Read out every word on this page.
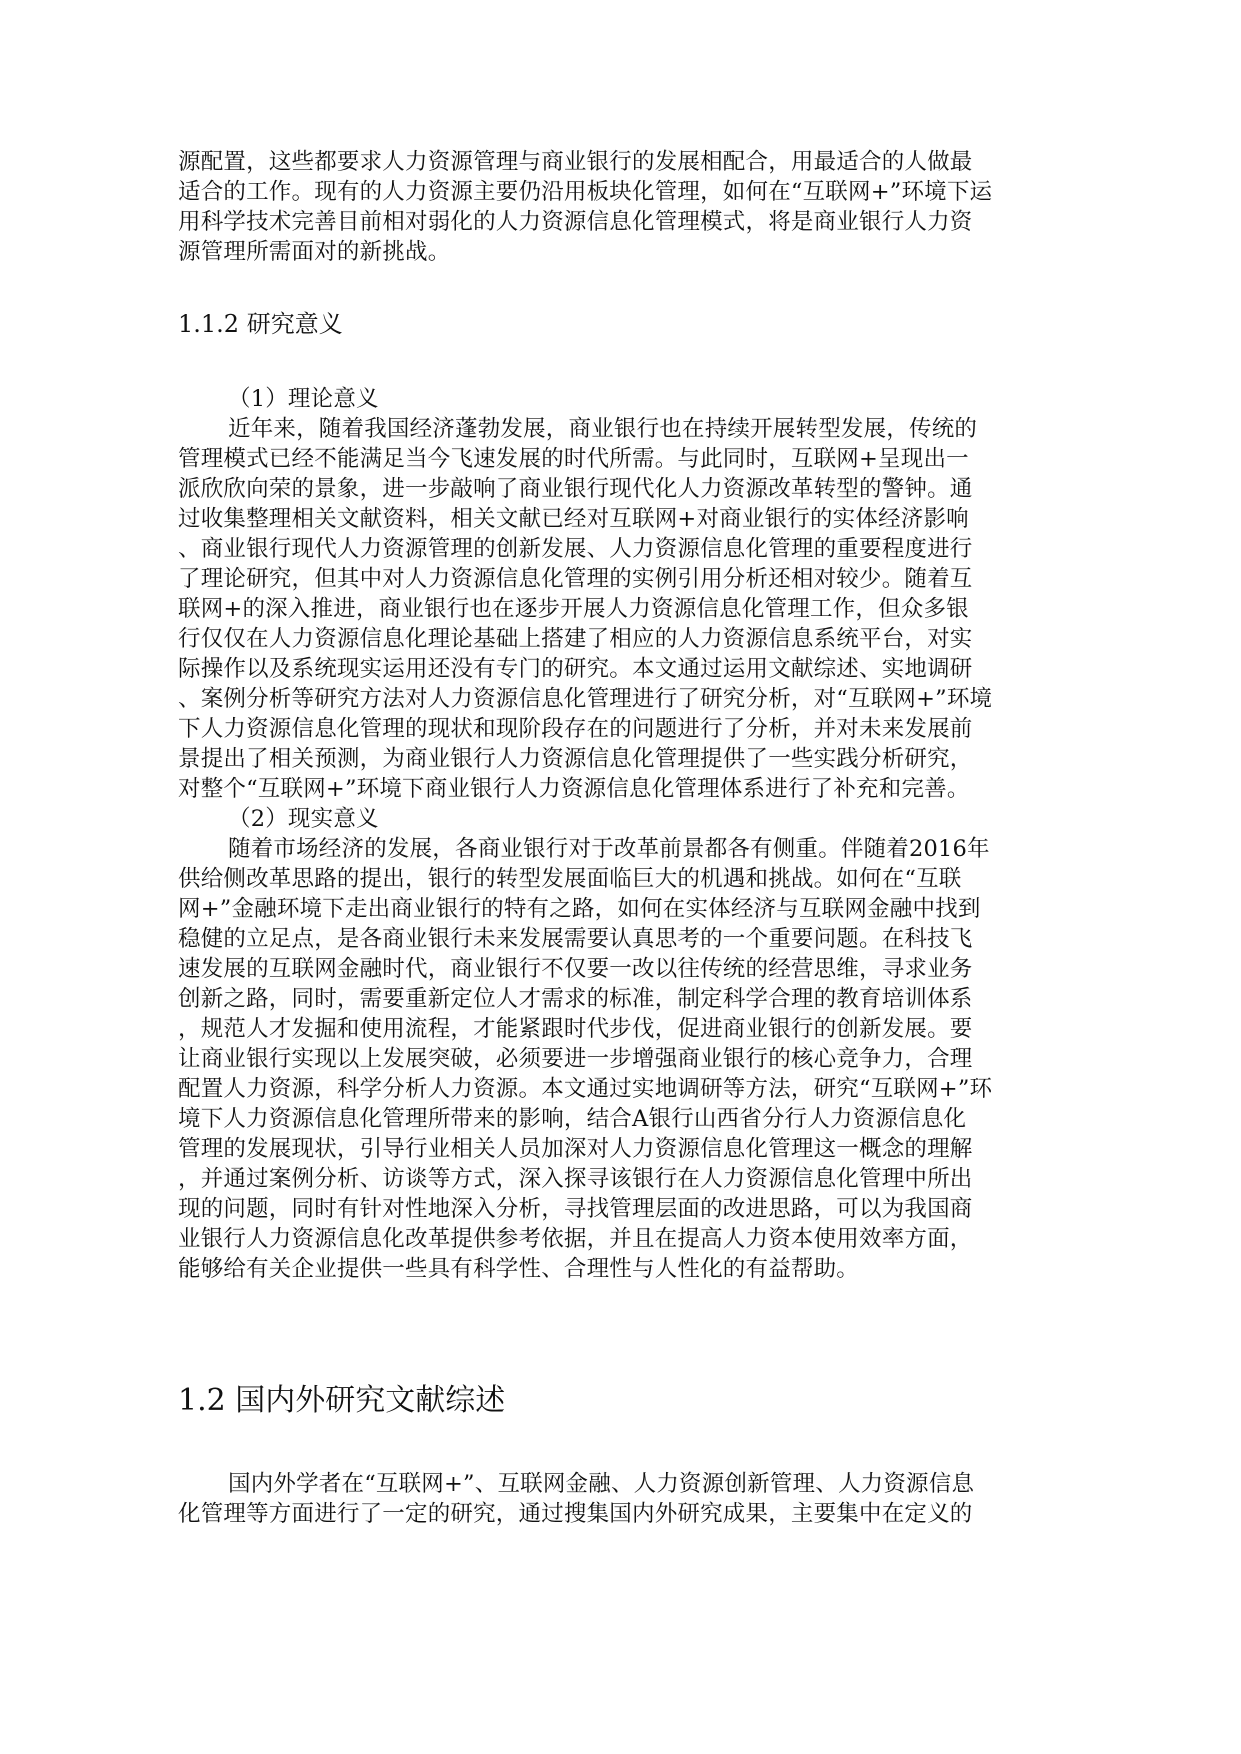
源配置，这些都要求人力资源管理与商业银行的发展相配合，用最适合的人做最
适合的工作。现有的人力资源主要仍沿用板块化管理，如何在“互联网+”环境下运
用科学技术完善目前相对弱化的人力资源信息化管理模式，将是商业银行人力资
源管理所需面对的新挑战。
1.1.2 研究意义
（1）理论意义
近年来，随着我国经济蓬勃发展，商业银行也在持续开展转型发展，传统的
管理模式已经不能满足当今飞速发展的时代所需。与此同时，互联网+呈现出一
派欣欣向荣的景象，进一步敲响了商业银行现代化人力资源改革转型的警钟。通
过收集整理相关文献资料，相关文献已经对互联网+对商业银行的实体经济影响
、商业银行现代人力资源管理的创新发展、人力资源信息化管理的重要程度进行
了理论研究，但其中对人力资源信息化管理的实例引用分析还相对较少。随着互
联网+的深入推进，商业银行也在逐步开展人力资源信息化管理工作，但众多银
行仅仅在人力资源信息化理论基础上搭建了相应的人力资源信息系统平台，对实
际操作以及系统现实运用还没有专门的研究。本文通过运用文献综述、实地调研
、案例分析等研究方法对人力资源信息化管理进行了研究分析，对“互联网+”环境
下人力资源信息化管理的现状和现阶段存在的问题进行了分析，并对未来发展前
景提出了相关预测，为商业银行人力资源信息化管理提供了一些实践分析研究，
对整个“互联网+”环境下商业银行人力资源信息化管理体系进行了补充和完善。
（2）现实意义
随着市场经济的发展，各商业银行对于改革前景都各有侧重。伴随着2016年
供给侧改革思路的提出，银行的转型发展面临巨大的机遇和挑战。如何在“互联
网+”金融环境下走出商业银行的特有之路，如何在实体经济与互联网金融中找到
稳健的立足点，是各商业银行未来发展需要认真思考的一个重要问题。在科技飞
速发展的互联网金融时代，商业银行不仅要一改以往传统的经营思维，寻求业务
创新之路，同时，需要重新定位人才需求的标准，制定科学合理的教育培训体系
，规范人才发掘和使用流程，才能紧跟时代步伐，促进商业银行的创新发展。要
让商业银行实现以上发展突破，必须要进一步增强商业银行的核心竞争力，合理
配置人力资源，科学分析人力资源。本文通过实地调研等方法，研究“互联网+”环
境下人力资源信息化管理所带来的影响，结合A银行山西省分行人力资源信息化
管理的发展现状，引导行业相关人员加深对人力资源信息化管理这一概念的理解
，并通过案例分析、访谈等方式，深入探寻该银行在人力资源信息化管理中所出
现的问题，同时有针对性地深入分析，寻找管理层面的改进思路，可以为我国商
业银行人力资源信息化改革提供参考依据，并且在提高人力资本使用效率方面，
能够给有关企业提供一些具有科学性、合理性与人性化的有益帮助。
1.2 国内外研究文献综述
国内外学者在“互联网+”、互联网金融、人力资源创新管理、人力资源信息
化管理等方面进行了一定的研究，通过搜集国内外研究成果，主要集中在定义的
